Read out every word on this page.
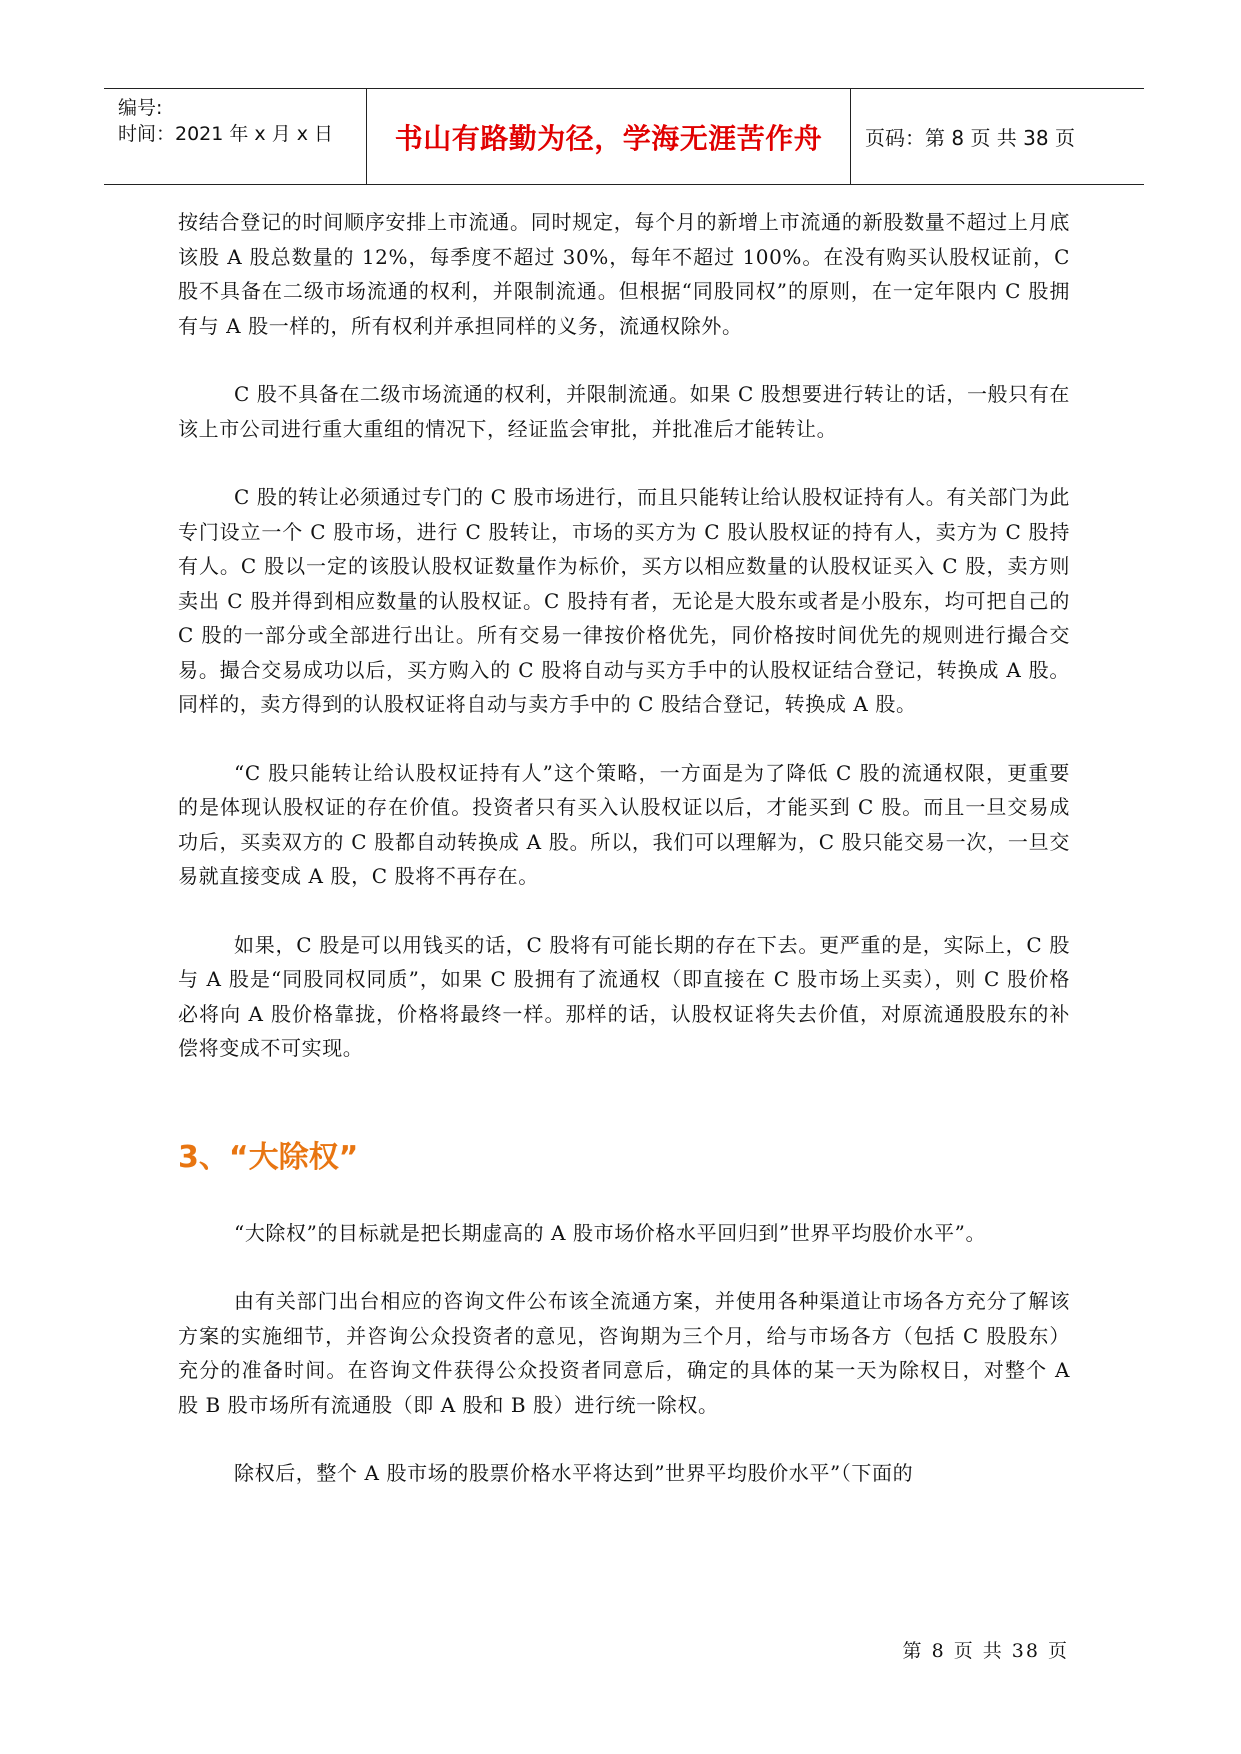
编号:
时间：2021 年 x 月 x 日	书山有路勤为径，学海无涯苦作舟	页码：第 8 页 共 38 页

按结合登记的时间顺序安排上市流通。同时规定，每个月的新增上市流通的新股数量不超过上月底该股 A 股总数量的 12%，每季度不超过 30%，每年不超过 100%。在没有购买认股权证前，C 股不具备在二级市场流通的权利，并限制流通。但根据“同股同权”的原则，在一定年限内 C 股拥有与 A 股一样的，所有权利并承担同样的义务，流通权除外。

C 股不具备在二级市场流通的权利，并限制流通。如果 C 股想要进行转让的话，一般只有在该上市公司进行重大重组的情况下，经证监会审批，并批准后才能转让。

C 股的转让必须通过专门的 C 股市场进行，而且只能转让给认股权证持有人。有关部门为此专门设立一个 C 股市场，进行 C 股转让，市场的买方为 C 股认股权证的持有人，卖方为 C 股持有人。C 股以一定的该股认股权证数量作为标价，买方以相应数量的认股权证买入 C 股，卖方则卖出 C 股并得到相应数量的认股权证。C 股持有者，无论是大股东或者是小股东，均可把自己的 C 股的一部分或全部进行出让。所有交易一律按价格优先，同价格按时间优先的规则进行撮合交易。撮合交易成功以后，买方购入的 C 股将自动与买方手中的认股权证结合登记，转换成 A 股。同样的，卖方得到的认股权证将自动与卖方手中的 C 股结合登记，转换成 A 股。

“C 股只能转让给认股权证持有人”这个策略，一方面是为了降低 C 股的流通权限，更重要的是体现认股权证的存在价值。投资者只有买入认股权证以后，才能买到 C 股。而且一旦交易成功后，买卖双方的 C 股都自动转换成 A 股。所以，我们可以理解为，C 股只能交易一次，一旦交易就直接变成 A 股，C 股将不再存在。

如果，C 股是可以用钱买的话，C 股将有可能长期的存在下去。更严重的是，实际上，C 股与 A 股是“同股同权同质”，如果 C 股拥有了流通权（即直接在 C 股市场上买卖），则 C 股价格必将向 A 股价格靠拢，价格将最终一样。那样的话，认股权证将失去价值，对原流通股股东的补偿将变成不可实现。

3、“大除权”

“大除权”的目标就是把长期虚高的 A 股市场价格水平回归到”世界平均股价水平”。

由有关部门出台相应的咨询文件公布该全流通方案，并使用各种渠道让市场各方充分了解该方案的实施细节，并咨询公众投资者的意见，咨询期为三个月，给与市场各方（包括 C 股股东）充分的准备时间。在咨询文件获得公众投资者同意后，确定的具体的某一天为除权日，对整个 A 股 B 股市场所有流通股（即 A 股和 B 股）进行统一除权。

除权后，整个 A 股市场的股票价格水平将达到”世界平均股价水平”（下面的

第 8 页 共 38 页
